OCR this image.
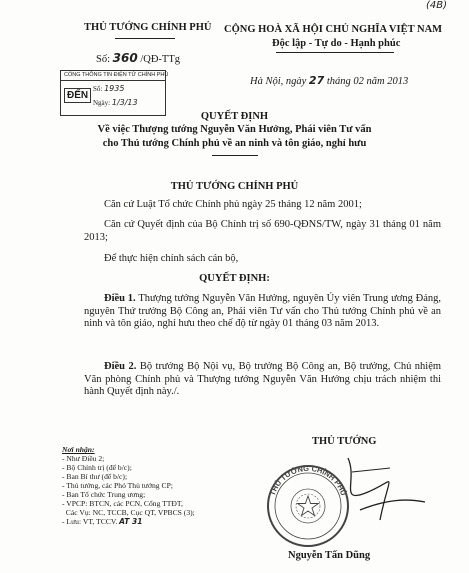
(4B)
THỦ TƯỚNG CHÍNH PHỦ
Số: 360 /QĐ-TTg
CỘNG HOÀ XÃ HỘI CHỦ NGHĨA VIỆT NAM
Độc lập - Tự do - Hạnh phúc
Hà Nội, ngày 27 tháng 02 năm 2013
CỔNG THÔNG TIN ĐIỆN TỬ CHÍNH PHỦ
ĐẾN
Số: 1935
Ngày: 1/3/13
QUYẾT ĐỊNH
Về việc Thượng tướng Nguyễn Văn Hưởng, Phái viên Tư vấn
cho Thủ tướng Chính phủ về an ninh và tôn giáo, nghỉ hưu
THỦ TƯỚNG CHÍNH PHỦ
Căn cứ Luật Tổ chức Chính phủ ngày 25 tháng 12 năm 2001;
Căn cứ Quyết định của Bộ Chính trị số 690-QĐNS/TW, ngày 31 tháng 01 năm 2013;
Để thực hiện chính sách cán bộ,
QUYẾT ĐỊNH:
Điều 1. Thượng tướng Nguyễn Văn Hưởng, nguyên Ủy viên Trung ương Đảng, nguyên Thứ trưởng Bộ Công an, Phái viên Tư vấn cho Thủ tướng Chính phủ về an ninh và tôn giáo, nghỉ hưu theo chế độ từ ngày 01 tháng 03 năm 2013.
Điều 2. Bộ trưởng Bộ Nội vụ, Bộ trưởng Bộ Công an, Bộ trưởng, Chủ nhiệm Văn phòng Chính phủ và Thượng tướng Nguyễn Văn Hưởng chịu trách nhiệm thi hành Quyết định này./.
Nơi nhận:
- Như Điều 2;
- Bộ Chính trị (để b/c);
- Ban Bí thư (để b/c);
- Thủ tướng, các Phó Thủ tướng CP;
- Ban Tổ chức Trung ương;
- VPCP: BTCN, các PCN, Cổng TTĐT,
Các Vụ: NC, TCCB, Cục QT, VPBCS (3);
- Lưu: VT, TCCV. AT 31
THỦ TƯỚNG
THỦ TƯỚNG CHÍNH PHỦ
Nguyễn Tấn Dũng
